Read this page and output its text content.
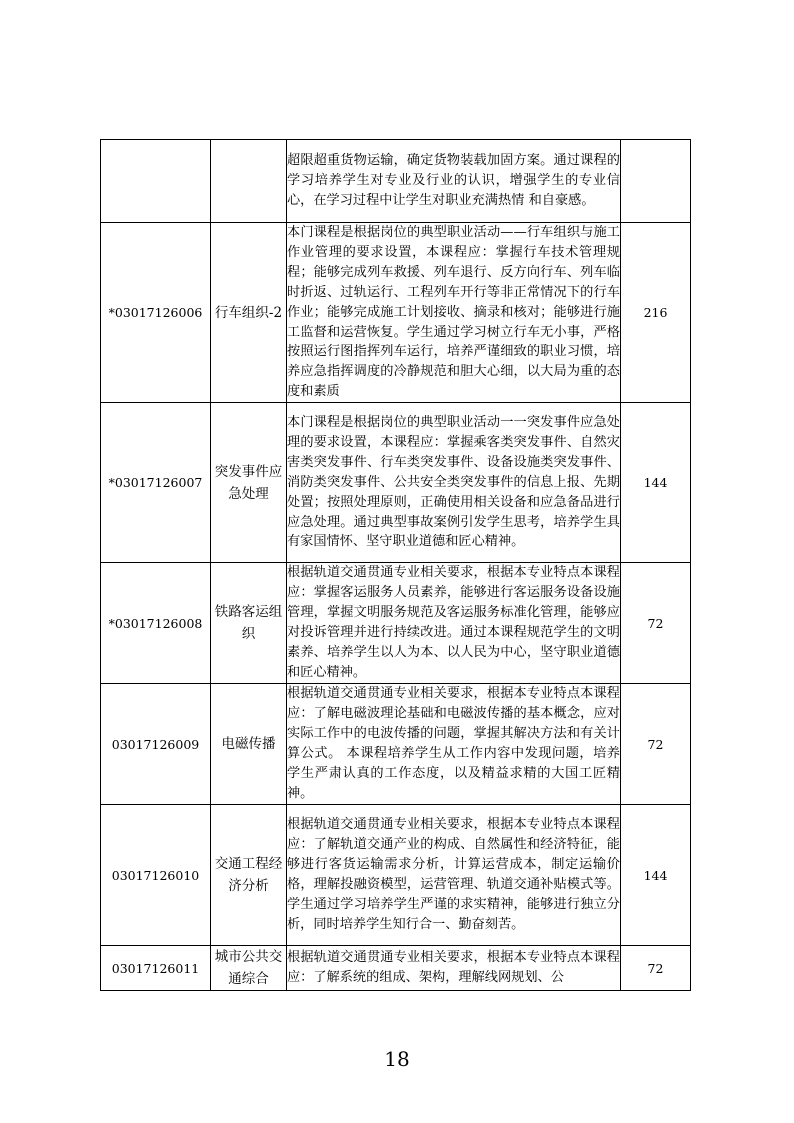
		超限超重货物运输，确定货物装载加固方案。通过课程的学习培养学生对专业及行业的认识，增强学生的专业信心，在学习过程中让学生对职业充满热情 和自豪感。	
*03017126006	行车组织-2	本门课程是根据岗位的典型职业活动——行车组织与施工作业管理的要求设置，本课程应：掌握行车技术管理规程；能够完成列车救援、列车退行、反方向行车、列车临时折返、过轨运行、工程列车开行等非正常情况下的行车作业；能够完成施工计划接收、摘录和核对；能够进行施工监督和运营恢复。学生通过学习树立行车无小事，严格按照运行图指挥列车运行，培养严谨细致的职业习惯，培养应急指挥调度的冷静规范和胆大心细，以大局为重的态度和素质	216
*03017126007	突发事件应急处理	本门课程是根据岗位的典型职业活动一一突发事件应急处理的要求设置，本课程应：掌握乘客类突发事件、自然灾害类突发事件、行车类突发事件、设备设施类突发事件、消防类突发事件、公共安全类突发事件的信息上报、先期处置；按照处理原则，正确使用相关设备和应急备品进行应急处理。通过典型事故案例引发学生思考，培养学生具有家国情怀、坚守职业道德和匠心精神。	144
*03017126008	铁路客运组织	根据轨道交通贯通专业相关要求，根据本专业特点本课程应：掌握客运服务人员素养，能够进行客运服务设备设施管理，掌握文明服务规范及客运服务标准化管理，能够应对投诉管理并进行持续改进。通过本课程规范学生的文明素养、培养学生以人为本、以人民为中心，坚守职业道德和匠心精神。	72
03017126009	电磁传播	根据轨道交通贯通专业相关要求，根据本专业特点本课程应：了解电磁波理论基础和电磁波传播的基本概念，应对实际工作中的电波传播的问题，掌握其解决方法和有关计算公式。 本课程培养学生从工作内容中发现问题，培养学生严肃认真的工作态度，以及精益求精的大国工匠精神。	72
03017126010	交通工程经济分析	根据轨道交通贯通专业相关要求，根据本专业特点本课程应：了解轨道交通产业的构成、自然属性和经济特征，能够进行客货运输需求分析，计算运营成本，制定运输价格，理解投融资模型，运营管理、轨道交通补贴模式等。学生通过学习培养学生严谨的求实精神，能够进行独立分析，同时培养学生知行合一、勤奋刻苦。	144
03017126011	城市公共交通综合	根据轨道交通贯通专业相关要求，根据本专业特点本课程应：了解系统的组成、架构，理解线网规划、公	72
18
